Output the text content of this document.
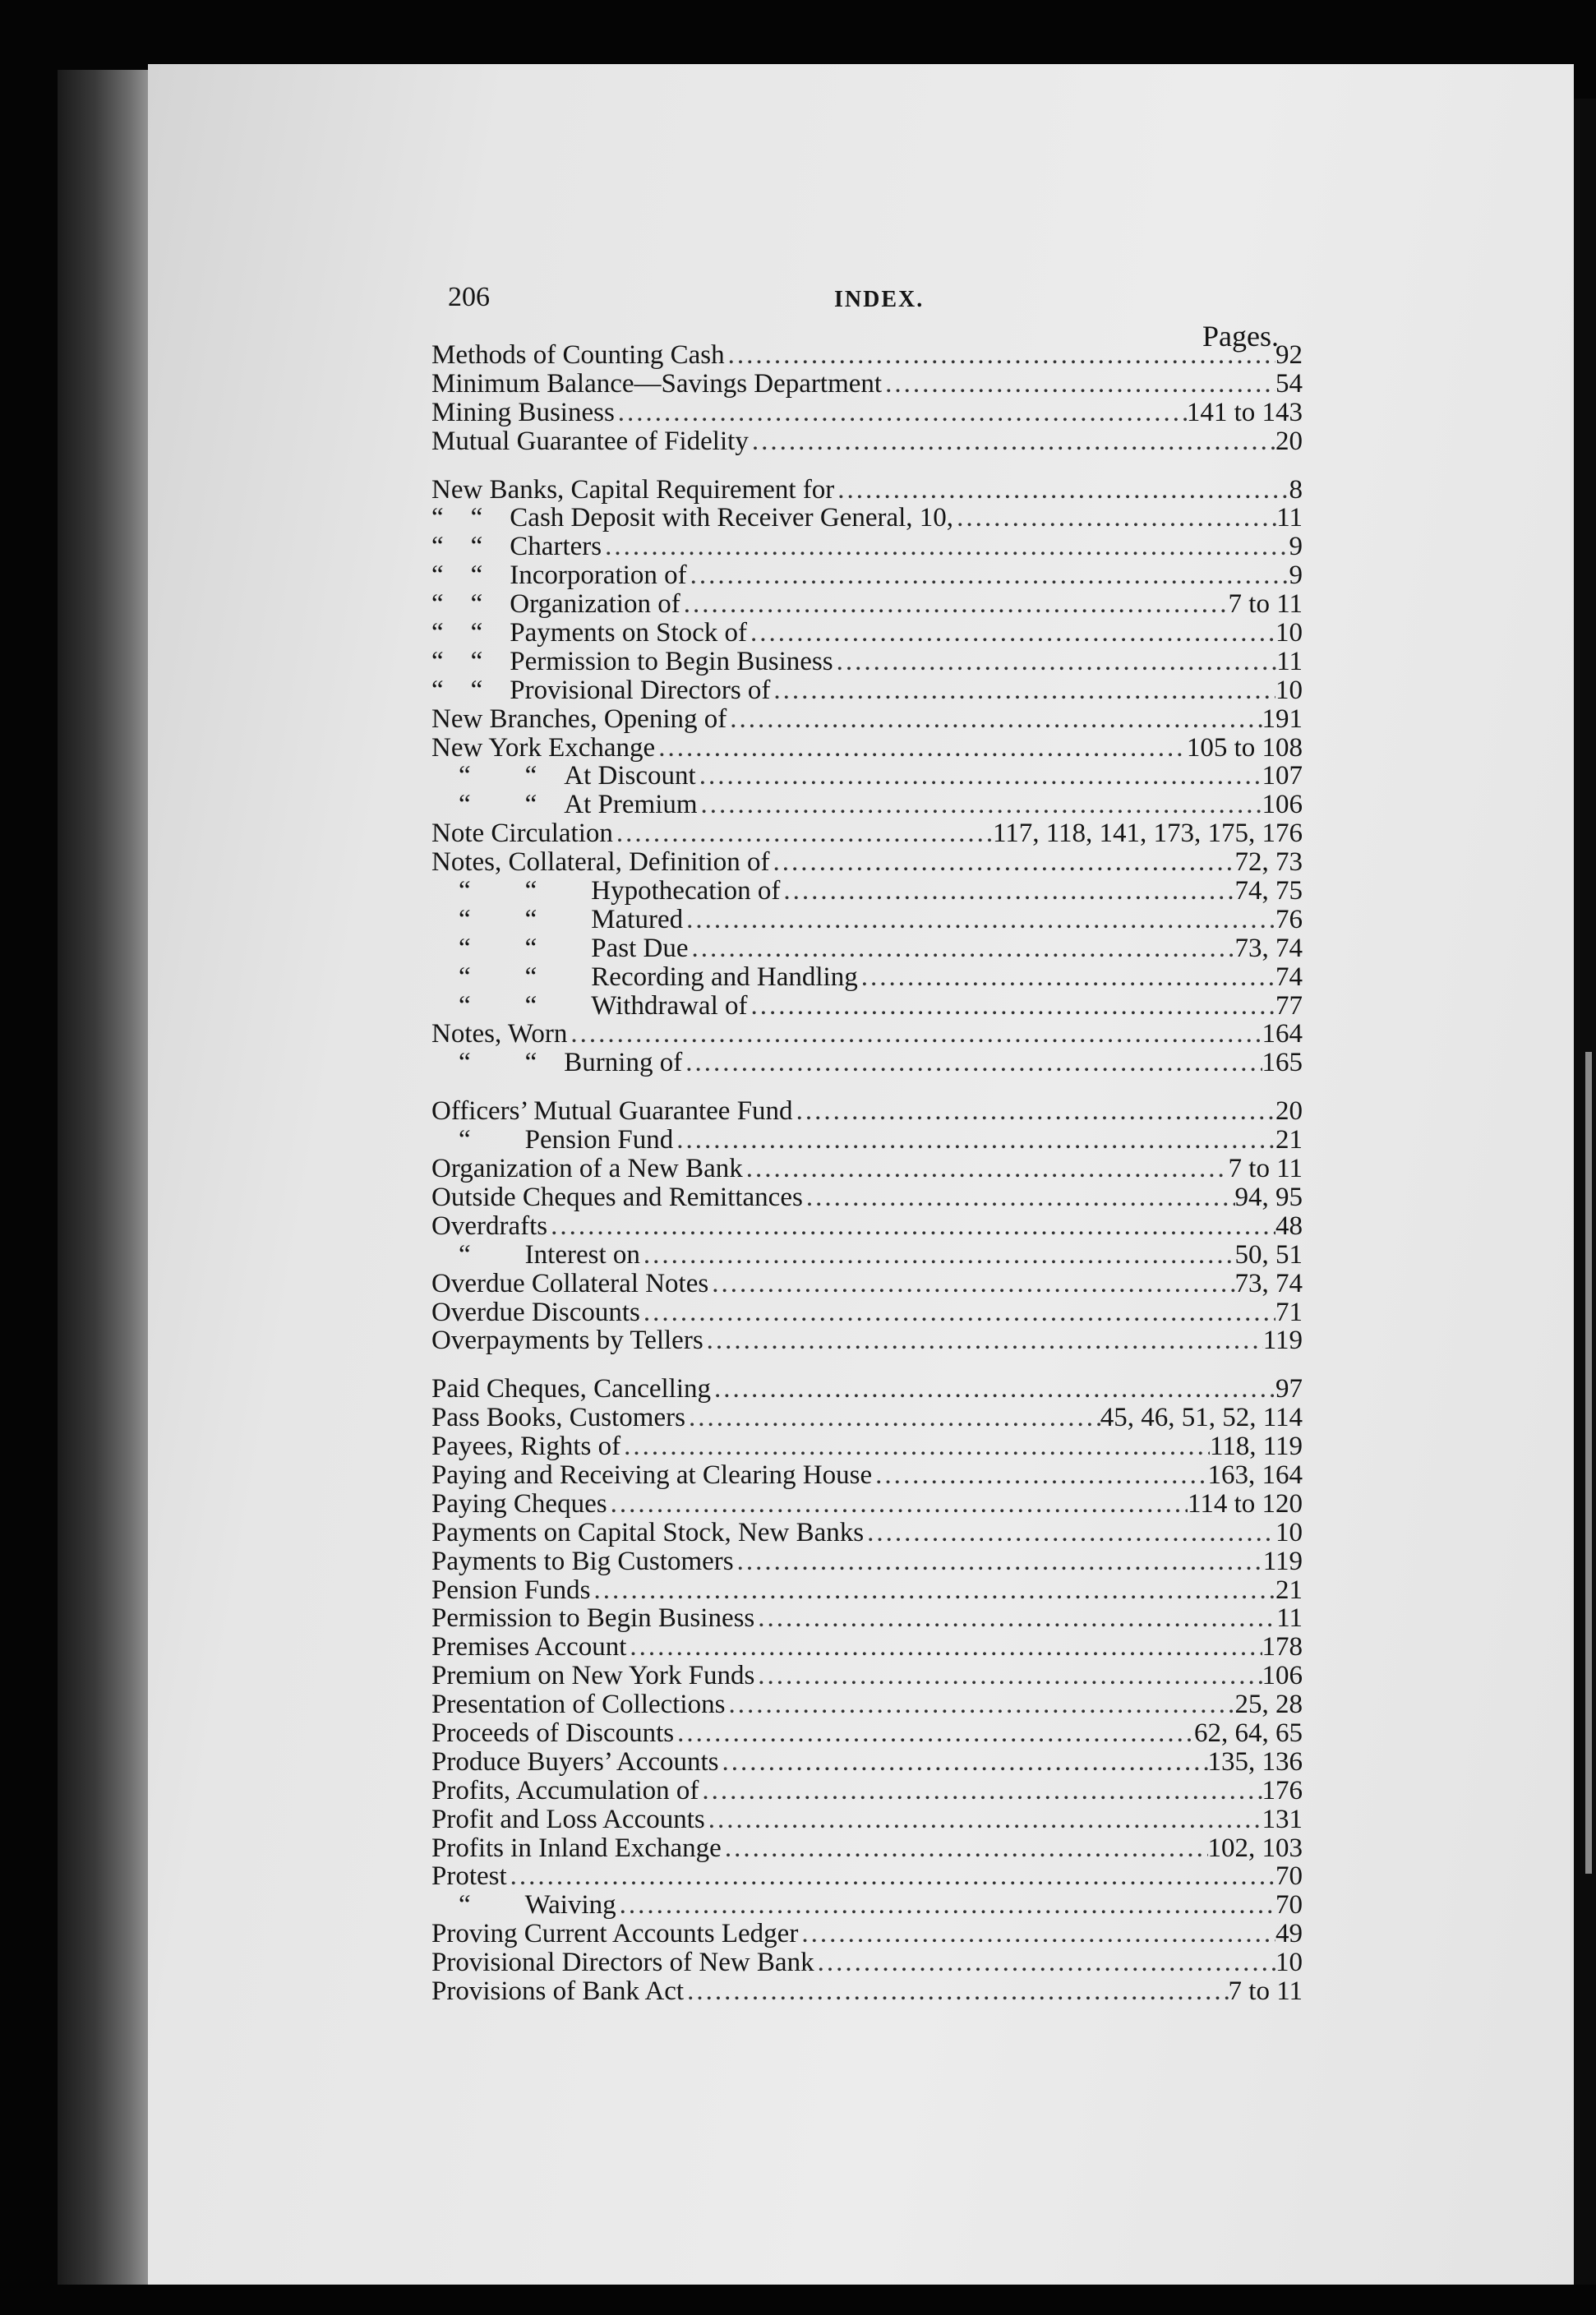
206	INDEX.
Pages.
Methods of Counting Cash .....	92
Minimum Balance—Savings Department .....	54
Mining Business .....	141 to 143
Mutual Guarantee of Fidelity .....	20
New Banks, Capital Requirement for .....	8
“ “  Cash Deposit with Receiver General, 10, .....	11
“ “  Charters .....	9
“ “  Incorporation of .....	9
“ “  Organization of .....	7 to 11
“ “  Payments on Stock of .....	10
“ “  Permission to Begin Business .....	11
“ “  Provisional Directors of .....	10
New Branches, Opening of .....	191
New York Exchange .....	105 to 108
 “  “  At Discount .....	107
 “  “  At Premium .....	106
Note Circulation .....	117, 118, 141, 173, 175, 176
Notes, Collateral, Definition of .....	72, 73
 “  “   Hypothecation of .....	74, 75
 “  “   Matured .....	76
 “  “   Past Due .....	73, 74
 “  “   Recording and Handling .....	74
 “  “   Withdrawal of .....	77
Notes, Worn .....	164
 “  “  Burning of .....	165
Officers’ Mutual Guarantee Fund .....	20
 “   Pension Fund .....	21
Organization of a New Bank .....	7 to 11
Outside Cheques and Remittances .....	94, 95
Overdrafts .....	48
 “   Interest on .....	50, 51
Overdue Collateral Notes .....	73, 74
Overdue Discounts .....	71
Overpayments by Tellers .....	119
Paid Cheques, Cancelling .....	97
Pass Books, Customers .....	45, 46, 51, 52, 114
Payees, Rights of .....	118, 119
Paying and Receiving at Clearing House .....	163, 164
Paying Cheques .....	114 to 120
Payments on Capital Stock, New Banks .....	10
Payments to Big Customers .....	119
Pension Funds .....	21
Permission to Begin Business .....	11
Premises Account .....	178
Premium on New York Funds .....	106
Presentation of Collections .....	25, 28
Proceeds of Discounts .....	62, 64, 65
Produce Buyers’ Accounts .....	135, 136
Profits, Accumulation of .....	176
Profit and Loss Accounts .....	131
Profits in Inland Exchange .....	102, 103
Protest .....	70
 “   Waiving .....	70
Proving Current Accounts Ledger .....	49
Provisional Directors of New Bank .....	10
Provisions of Bank Act .....	7 to 11
